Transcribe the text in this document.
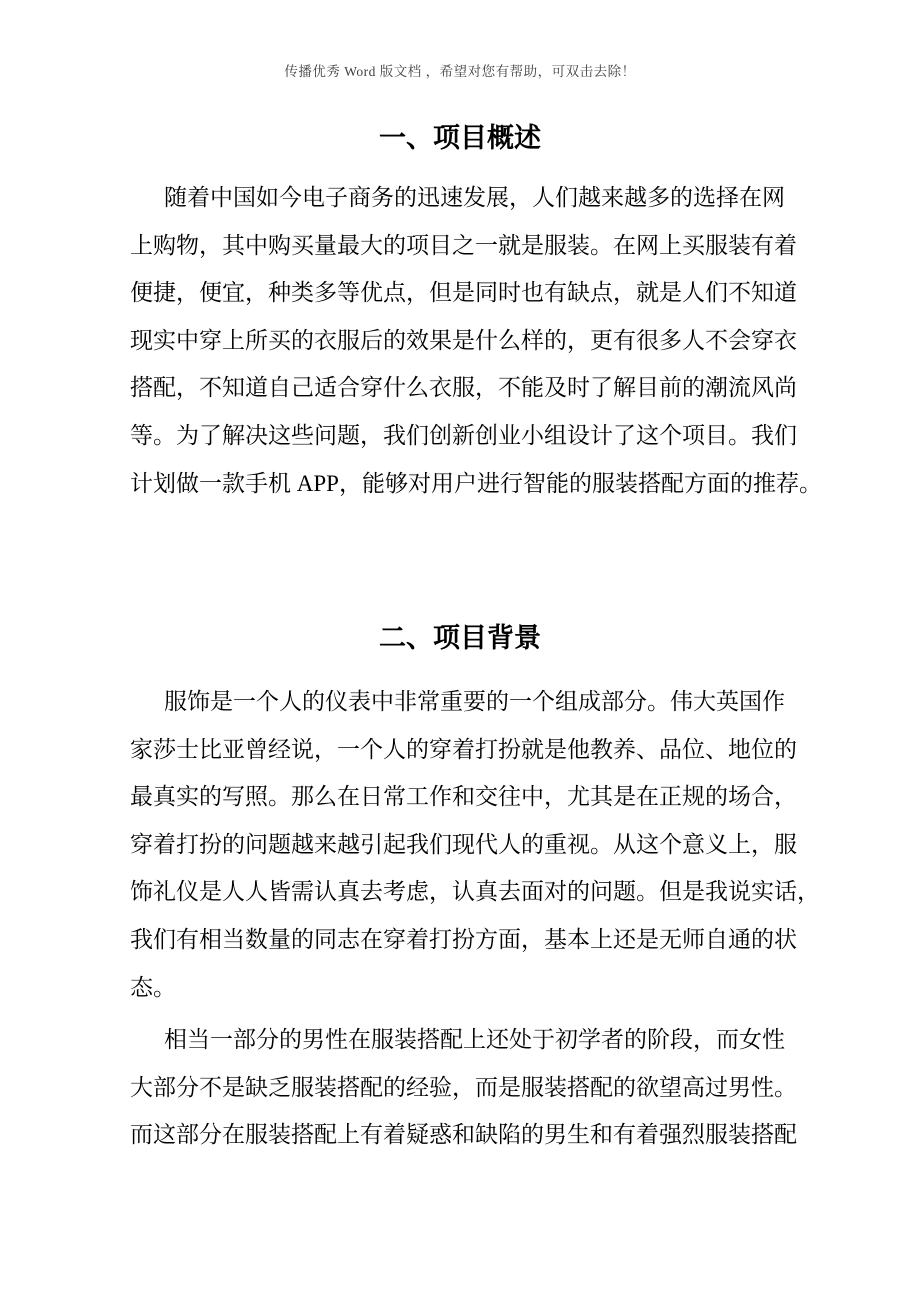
传播优秀 Word 版文档 ，希望对您有帮助，可双击去除！
一、项目概述
随着中国如今电子商务的迅速发展，人们越来越多的选择在网
上购物，其中购买量最大的项目之一就是服装。在网上买服装有着
便捷，便宜，种类多等优点，但是同时也有缺点，就是人们不知道
现实中穿上所买的衣服后的效果是什么样的，更有很多人不会穿衣
搭配，不知道自己适合穿什么衣服，不能及时了解目前的潮流风尚
等。为了解决这些问题，我们创新创业小组设计了这个项目。我们
计划做一款手机 APP，能够对用户进行智能的服装搭配方面的推荐。
二、项目背景
服饰是一个人的仪表中非常重要的一个组成部分。伟大英国作
家莎士比亚曾经说，一个人的穿着打扮就是他教养、品位、地位的
最真实的写照。那么在日常工作和交往中，尤其是在正规的场合，
穿着打扮的问题越来越引起我们现代人的重视。从这个意义上，服
饰礼仪是人人皆需认真去考虑，认真去面对的问题。但是我说实话，
我们有相当数量的同志在穿着打扮方面，基本上还是无师自通的状
态。
相当一部分的男性在服装搭配上还处于初学者的阶段，而女性
大部分不是缺乏服装搭配的经验，而是服装搭配的欲望高过男性。
而这部分在服装搭配上有着疑惑和缺陷的男生和有着强烈服装搭配
